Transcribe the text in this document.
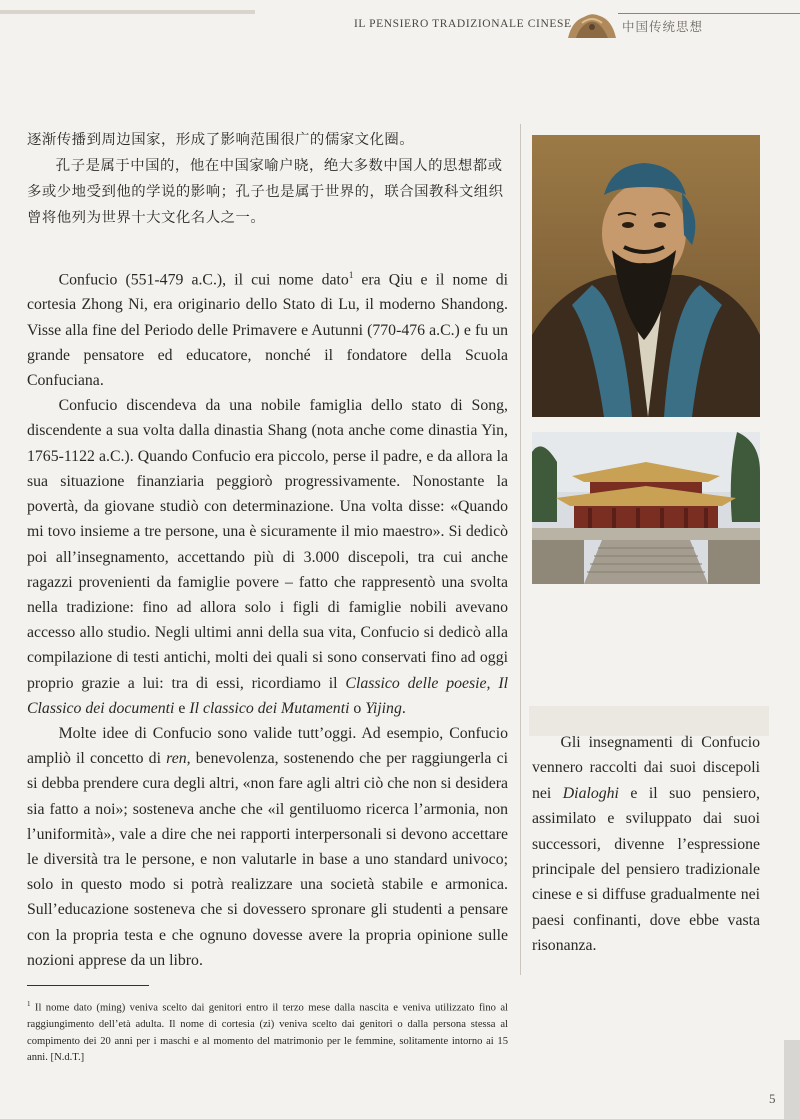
IL PENSIERO TRADIZIONALE CINESE	中国传统思想

逐渐传播到周边国家，形成了影响范围很广的儒家文化圈。

孔子是属于中国的，他在中国家喻户晓，绝大多数中国人的思想都或多或少地受到他的学说的影响；孔子也是属于世界的，联合国教科文组织曾将他列为世界十大文化名人之一。

Confucio (551-479 a.C.), il cui nome dato$^1$ era Qiu e il nome di cortesia Zhong Ni, era originario dello Stato di Lu, il moderno Shandong. Visse alla fine del Periodo delle Primavere e Autunni (770-476 a.C.) e fu un grande pensatore ed educatore, nonché il fondatore della Scuola Confuciana.

Confucio discendeva da una nobile famiglia dello stato di Song, discendente a sua volta dalla dinastia Shang (nota anche come dinastia Yin, 1765-1122 a.C.). Quando Confucio era piccolo, perse il padre, e da allora la sua situazione finanziaria peggiorò progressivamente. Nonostante la povertà, da giovane studiò con determinazione. Una volta disse: «Quando mi tovo insieme a tre persone, una è sicuramente il mio maestro». Si dedicò poi all’insegnamento, accettando più di 3.000 discepoli, tra cui anche ragazzi provenienti da famiglie povere – fatto che rappresentò una svolta nella tradizione: fino ad allora solo i figli di famiglie nobili avevano accesso allo studio. Negli ultimi anni della sua vita, Confucio si dedicò alla compilazione di testi antichi, molti dei quali si sono conservati fino ad oggi proprio grazie a lui: tra di essi, ricordiamo il Classico delle poesie, Il Classico dei documenti e Il classico dei Mutamenti o Yijing.

Molte idee di Confucio sono valide tutt’oggi. Ad esempio, Confucio ampliò il concetto di ren, benevolenza, sostenendo che per raggiungerla ci si debba prendere cura degli altri, «non fare agli altri ciò che non si desidera sia fatto a noi»; sosteneva anche che «il gentiluomo ricerca l’armonia, non l’uniformità», vale a dire che nei rapporti interpersonali si devono accettare le diversità tra le persone, e non valutarle in base a uno standard univoco; solo in questo modo si potrà realizzare una società stabile e armonica. Sull’educazione sosteneva che si dovessero spronare gli studenti a pensare con la propria testa e che ognuno dovesse avere la propria opinione sulle nozioni apprese da un libro.

$^1$ Il nome dato (ming) veniva scelto dai genitori entro il terzo mese dalla nascita e veniva utilizzato fino al raggiungimento dell’età adulta. Il nome di cortesia (zi) veniva scelto dai genitori o dalla persona stessa al compimento dei 20 anni per i maschi e al momento del matrimonio per le femmine, solitamente intorno ai 15 anni. [N.d.T.]

Gli insegnamenti di Confucio vennero raccolti dai suoi discepoli nei Dialoghi e il suo pensiero, assimilato e sviluppato dai suoi successori, divenne l’espressione principale del pensiero tradizionale cinese e si diffuse gradualmente nei paesi confinanti, dove ebbe vasta risonanza.

5
